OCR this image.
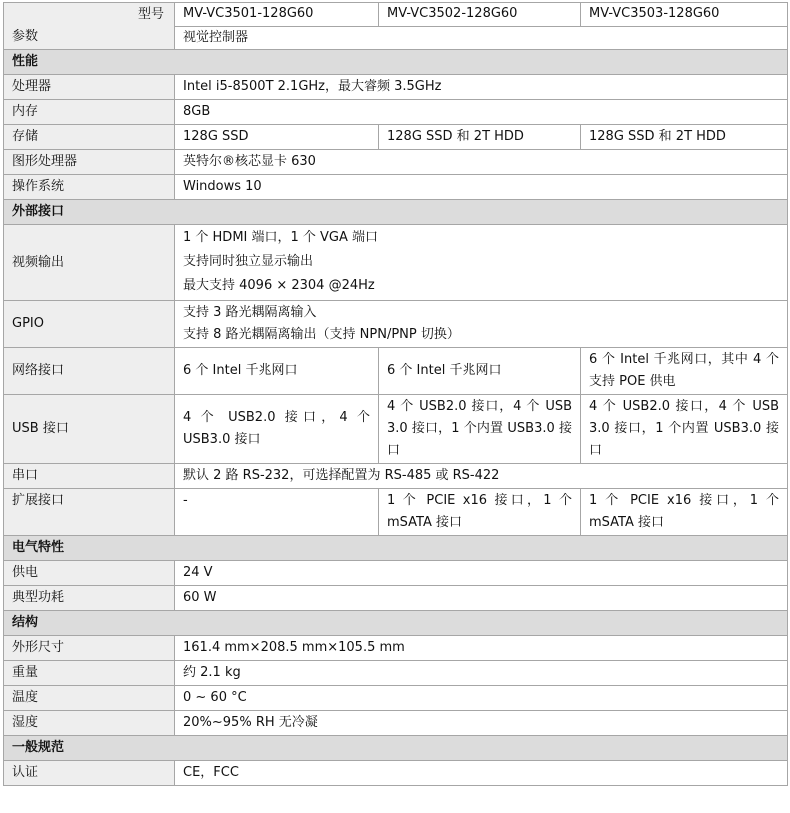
型号
参数	MV-VC3501-128G60	MV-VC3502-128G60	MV-VC3503-128G60
	视觉控制器		
性能			
处理器	Intel i5-8500T 2.1GHz，最大睿频 3.5GHz		
内存	8GB		
存储	128G SSD	128G SSD 和 2T HDD	128G SSD 和 2T HDD
图形处理器	英特尔®核芯显卡 630		
操作系统	Windows 10		
外部接口			
视频输出	1 个 HDMI 端口，1 个 VGA 端口
支持同时独立显示输出
最大支持 4096 × 2304 @24Hz		

GPIO	支持 3 路光耦隔离输入
支持 8 路光耦隔离输出（支持 NPN/PNP 切换）		

网络接口	6 个 Intel 千兆网口	6 个 Intel 千兆网口	6 个 Intel 千兆网口，其中 4 个支持 POE 供电
USB 接口	4 个 USB2.0 接口，4 个 USB3.0 接口	4 个 USB2.0 接口，4 个 USB 3.0 接口，1 个内置 USB3.0 接口	4 个 USB2.0 接口，4 个 USB 3.0 接口，1 个内置 USB3.0 接口
串口	默认 2 路 RS-232，可选择配置为 RS-485 或 RS-422		
扩展接口	-	1 个 PCIE x16 接口，1 个 mSATA 接口	1 个 PCIE x16 接口，1 个 mSATA 接口
电气特性			
供电	24 V		
典型功耗	60 W		
结构			
外形尺寸	161.4 mm×208.5 mm×105.5 mm		
重量	约 2.1 kg		
温度	0 ~ 60 °C		
湿度	20%~95% RH 无冷凝		
一般规范			
认证	CE，FCC		
